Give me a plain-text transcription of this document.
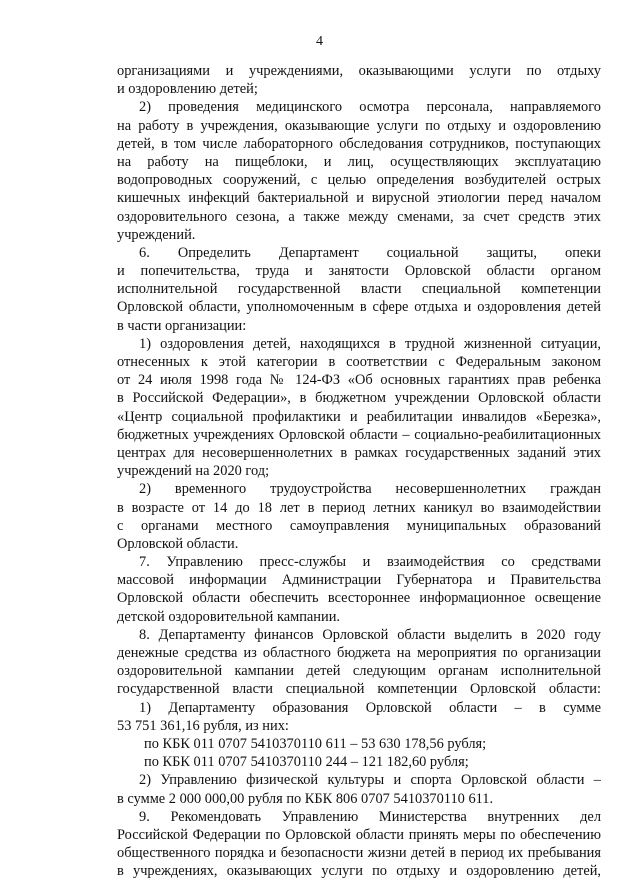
4
организациями и учреждениями, оказывающими услуги по отдыху
и оздоровлению детей;
2) проведения медицинского осмотра персонала, направляемого
на работу в учреждения, оказывающие услуги по отдыху и оздоровлению
детей, в том числе лабораторного обследования сотрудников, поступающих
на работу на пищеблоки, и лиц, осуществляющих эксплуатацию
водопроводных сооружений, с целью определения возбудителей острых
кишечных инфекций бактериальной и вирусной этиологии перед началом
оздоровительного сезона, а также между сменами, за счет средств этих
учреждений.
6. Определить Департамент социальной защиты, опеки
и попечительства, труда и занятости Орловской области органом
исполнительной государственной власти специальной компетенции
Орловской области, уполномоченным в сфере отдыха и оздоровления детей
в части организации:
1) оздоровления детей, находящихся в трудной жизненной ситуации,
отнесенных к этой категории в соответствии с Федеральным законом
от 24 июля 1998 года № 124-ФЗ «Об основных гарантиях прав ребенка
в Российской Федерации», в бюджетном учреждении Орловской области
«Центр социальной профилактики и реабилитации инвалидов «Березка»,
бюджетных учреждениях Орловской области – социально-реабилитационных
центрах для несовершеннолетних в рамках государственных заданий этих
учреждений на 2020 год;
2) временного трудоустройства несовершеннолетних граждан
в возрасте от 14 до 18 лет в период летних каникул во взаимодействии
с органами местного самоуправления муниципальных образований
Орловской области.
7. Управлению пресс-службы и взаимодействия со средствами
массовой информации Администрации Губернатора и Правительства
Орловской области обеспечить всестороннее информационное освещение
детской оздоровительной кампании.
8. Департаменту финансов Орловской области выделить в 2020 году
денежные средства из областного бюджета на мероприятия по организации
оздоровительной кампании детей следующим органам исполнительной
государственной власти специальной компетенции Орловской области:
1) Департаменту образования Орловской области – в сумме
53 751 361,16 рубля, из них:
по КБК 011 0707 5410370110 611 – 53 630 178,56 рубля;
по КБК 011 0707 5410370110 244 – 121 182,60 рубля;
2) Управлению физической культуры и спорта Орловской области –
в сумме 2 000 000,00 рубля по КБК 806 0707 5410370110 611.
9. Рекомендовать Управлению Министерства внутренних дел
Российской Федерации по Орловской области принять меры по обеспечению
общественного порядка и безопасности жизни детей в период их пребывания
в учреждениях, оказывающих услуги по отдыху и оздоровлению детей,
